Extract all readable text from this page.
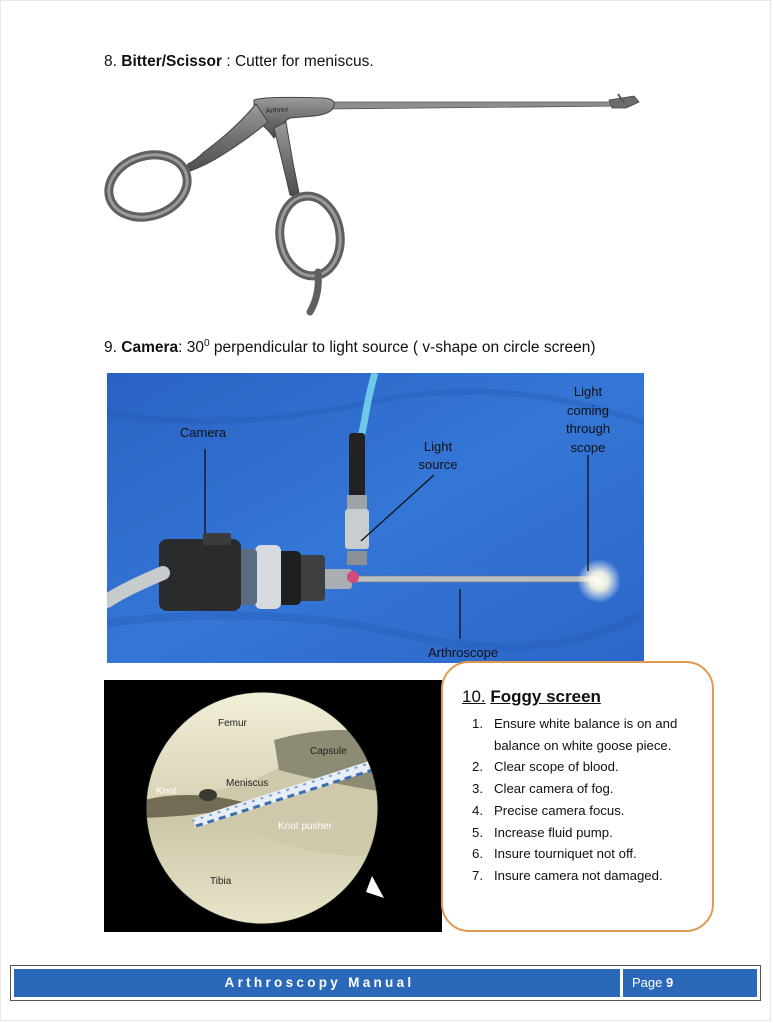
8. Bitter/Scissor : Cutter for meniscus.
Arthrex
9. Camera: $30^0$ perpendicular to light source ( v-shape on circle screen)
Camera
Light
source
Light
coming
through
scope
Arthroscope
Femur
Capsule
Knot
Meniscus
Knot pusher
Tibia
10. Foggy screen
1. Ensure white balance is on and balance on white goose piece.
2. Clear scope of blood.
3. Clear camera of fog.
4. Precise camera focus.
5. Increase fluid pump.
6. Insure tourniquet not off.
7. Insure camera not damaged.
Arthroscopy Manual	Page 9
